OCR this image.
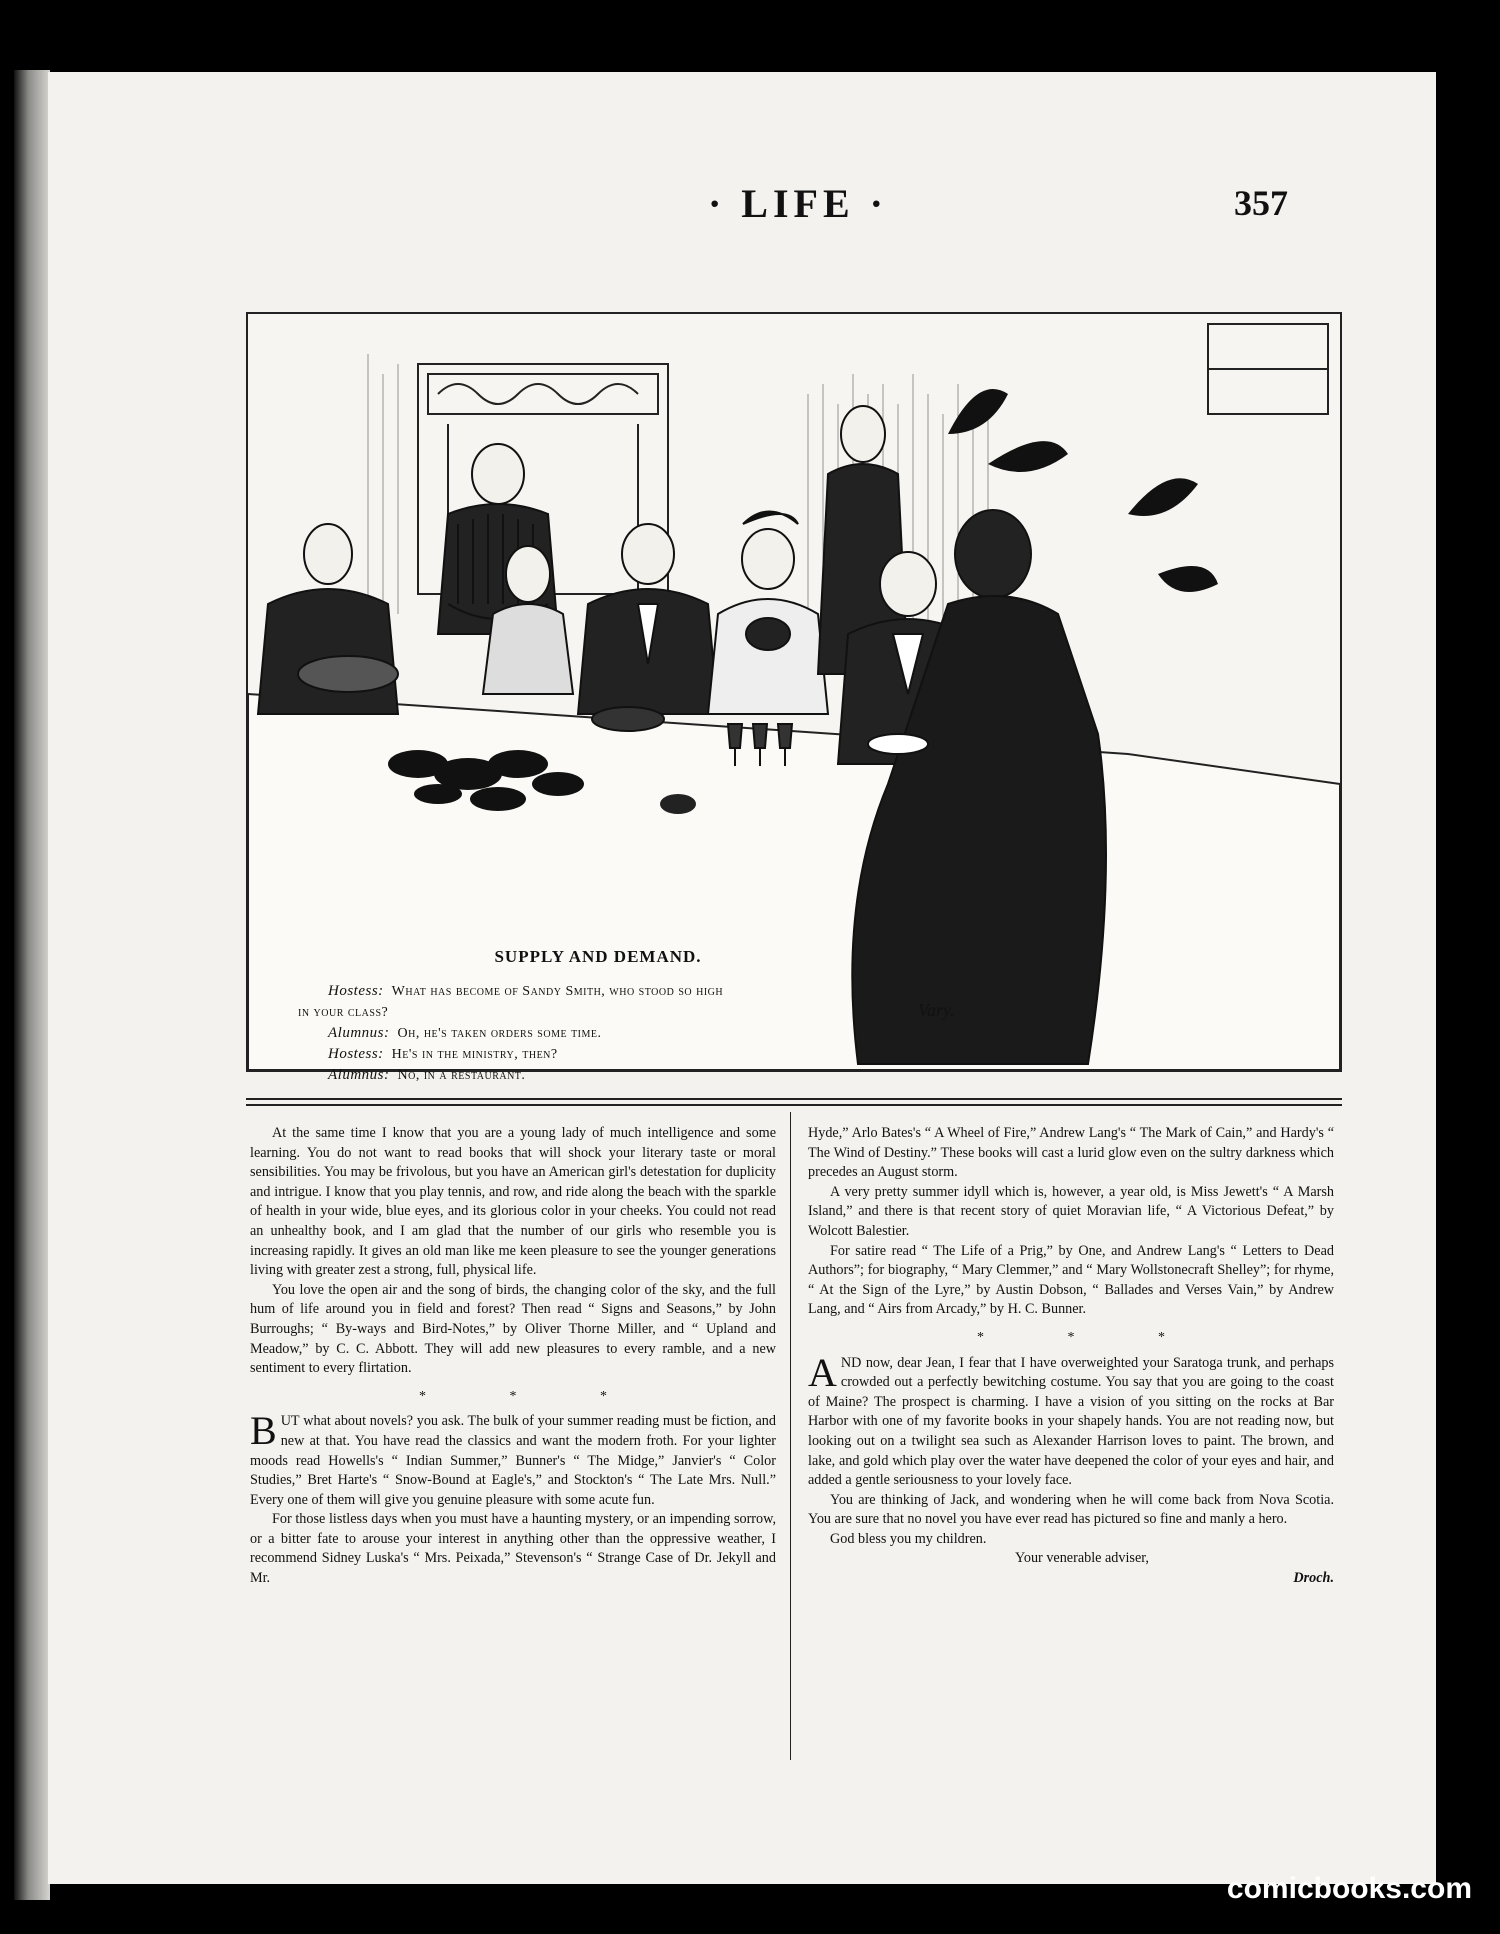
· LIFE ·	357
SUPPLY AND DEMAND.

Hostess: What has become of Sandy Smith, who stood so high

in your class?

Alumnus: Oh, he's taken orders some time.

Hostess: He's in the ministry, then?

Alumnus: No, in a restaurant.

Vary.

At the same time I know that you are a young lady of much intelligence and some learning. You do not want to read books that will shock your literary taste or moral sensibilities. You may be frivolous, but you have an American girl's detestation for duplicity and intrigue. I know that you play tennis, and row, and ride along the beach with the sparkle of health in your wide, blue eyes, and its glorious color in your cheeks. You could not read an unhealthy book, and I am glad that the number of our girls who resemble you is increasing rapidly. It gives an old man like me keen pleasure to see the younger generations living with greater zest a strong, full, physical life.

You love the open air and the song of birds, the changing color of the sky, and the full hum of life around you in field and forest? Then read “ Signs and Seasons,” by John Burroughs; “ By-ways and Bird-Notes,” by Oliver Thorne Miller, and “ Upland and Meadow,” by C. C. Abbott. They will add new pleasures to every ramble, and a new sentiment to every flirtation.

* * *

BUT what about novels? you ask. The bulk of your summer reading must be fiction, and new at that. You have read the classics and want the modern froth. For your lighter moods read Howells's “ Indian Summer,” Bunner's “ The Midge,” Janvier's “ Color Studies,” Bret Harte's “ Snow-Bound at Eagle's,” and Stockton's “ The Late Mrs. Null.” Every one of them will give you genuine pleasure with some acute fun.

For those listless days when you must have a haunting mystery, or an impending sorrow, or a bitter fate to arouse your interest in anything other than the oppressive weather, I recommend Sidney Luska's “ Mrs. Peixada,” Stevenson's “ Strange Case of Dr. Jekyll and Mr.

Hyde,” Arlo Bates's “ A Wheel of Fire,” Andrew Lang's “ The Mark of Cain,” and Hardy's “ The Wind of Destiny.” These books will cast a lurid glow even on the sultry darkness which precedes an August storm.

A very pretty summer idyll which is, however, a year old, is Miss Jewett's “ A Marsh Island,” and there is that recent story of quiet Moravian life, “ A Victorious Defeat,” by Wolcott Balestier.

For satire read “ The Life of a Prig,” by One, and Andrew Lang's “ Letters to Dead Authors”; for biography, “ Mary Clemmer,” and “ Mary Wollstonecraft Shelley”; for rhyme, “ At the Sign of the Lyre,” by Austin Dobson, “ Ballades and Verses Vain,” by Andrew Lang, and “ Airs from Arcady,” by H. C. Bunner.

* * *

AND now, dear Jean, I fear that I have overweighted your Saratoga trunk, and perhaps crowded out a perfectly bewitching costume. You say that you are going to the coast of Maine? The prospect is charming. I have a vision of you sitting on the rocks at Bar Harbor with one of my favorite books in your shapely hands. You are not reading now, but looking out on a twilight sea such as Alexander Harrison loves to paint. The brown, and lake, and gold which play over the water have deepened the color of your eyes and hair, and added a gentle seriousness to your lovely face.

You are thinking of Jack, and wondering when he will come back from Nova Scotia. You are sure that no novel you have ever read has pictured so fine and manly a hero.

God bless you my children.

Your venerable adviser,

Droch.

comicbooks.com
